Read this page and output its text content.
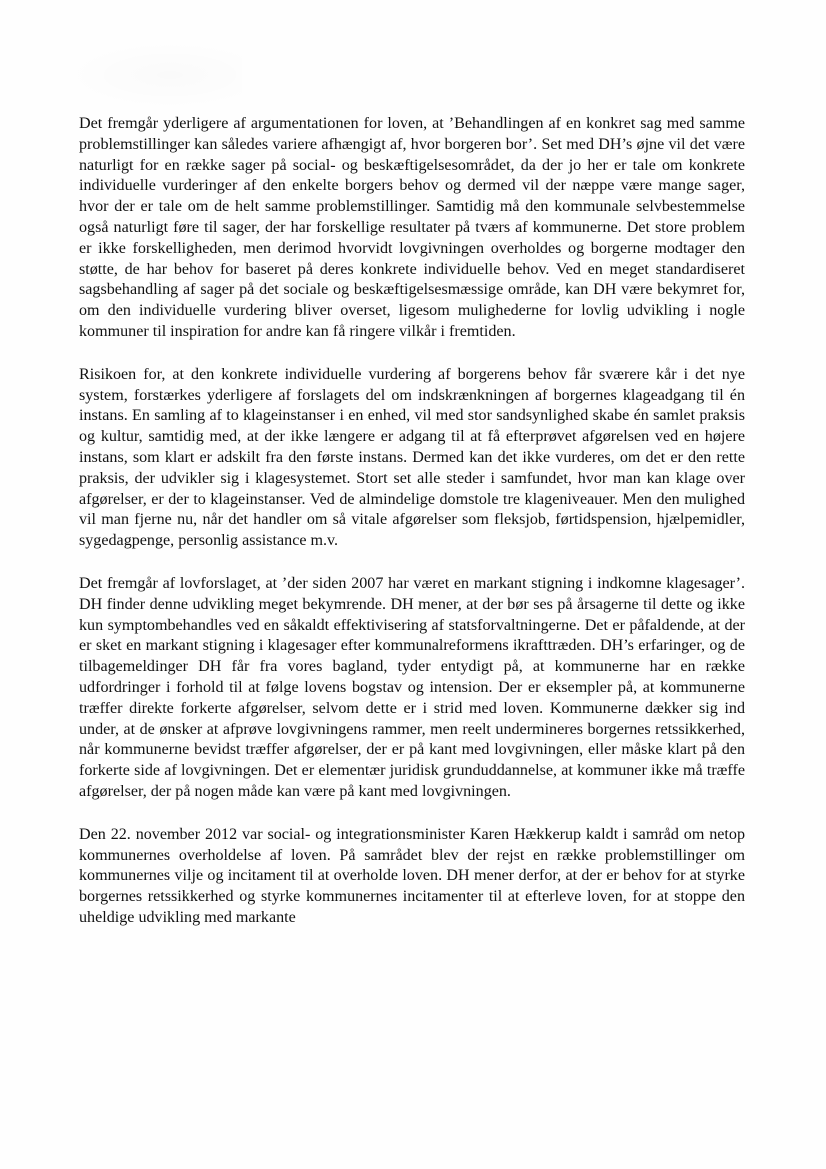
Det fremgår yderligere af argumentationen for loven, at ’Behandlingen af en konkret sag med samme problemstillinger kan således variere afhængigt af, hvor borgeren bor’. Set med DH’s øjne vil det være naturligt for en række sager på social- og beskæftigelsesområdet, da der jo her er tale om konkrete individuelle vurderinger af den enkelte borgers behov og dermed vil der næppe være mange sager, hvor der er tale om de helt samme problemstillinger. Samtidig må den kommunale selvbestemmelse også naturligt føre til sager, der har forskellige resultater på tværs af kommunerne. Det store problem er ikke forskelligheden, men derimod hvorvidt lovgivningen overholdes og borgerne modtager den støtte, de har behov for baseret på deres konkrete individuelle behov. Ved en meget standardiseret sagsbehandling af sager på det sociale og beskæftigelsesmæssige område, kan DH være bekymret for, om den individuelle vurdering bliver overset, ligesom mulighederne for lovlig udvikling i nogle kommuner til inspiration for andre kan få ringere vilkår i fremtiden.

Risikoen for, at den konkrete individuelle vurdering af borgerens behov får sværere kår i det nye system, forstærkes yderligere af forslagets del om indskrænkningen af borgernes klageadgang til én instans. En samling af to klageinstanser i en enhed, vil med stor sandsynlighed skabe én samlet praksis og kultur, samtidig med, at der ikke længere er adgang til at få efterprøvet afgørelsen ved en højere instans, som klart er adskilt fra den første instans. Dermed kan det ikke vurderes, om det er den rette praksis, der udvikler sig i klagesystemet. Stort set alle steder i samfundet, hvor man kan klage over afgørelser, er der to klageinstanser. Ved de almindelige domstole tre klageniveauer. Men den mulighed vil man fjerne nu, når det handler om så vitale afgørelser som fleksjob, førtidspension, hjælpemidler, sygedagpenge, personlig assistance m.v.

Det fremgår af lovforslaget, at ’der siden 2007 har været en markant stigning i indkomne klagesager’. DH finder denne udvikling meget bekymrende. DH mener, at der bør ses på årsagerne til dette og ikke kun symptombehandles ved en såkaldt effektivisering af statsforvaltningerne. Det er påfaldende, at der er sket en markant stigning i klagesager efter kommunalreformens ikrafttræden. DH’s erfaringer, og de tilbagemeldinger DH får fra vores bagland, tyder entydigt på, at kommunerne har en række udfordringer i forhold til at følge lovens bogstav og intension. Der er eksempler på, at kommunerne træffer direkte forkerte afgørelser, selvom dette er i strid med loven. Kommunerne dækker sig ind under, at de ønsker at afprøve lovgivningens rammer, men reelt undermineres borgernes retssikkerhed, når kommunerne bevidst træffer afgørelser, der er på kant med lovgivningen, eller måske klart på den forkerte side af lovgivningen. Det er elementær juridisk grunduddannelse, at kommuner ikke må træffe afgørelser, der på nogen måde kan være på kant med lovgivningen.

Den 22. november 2012 var social- og integrationsminister Karen Hækkerup kaldt i samråd om netop kommunernes overholdelse af loven. På samrådet blev der rejst en række problemstillinger om kommunernes vilje og incitament til at overholde loven. DH mener derfor, at der er behov for at styrke borgernes retssikkerhed og styrke kommunernes incitamenter til at efterleve loven, for at stoppe den uheldige udvikling med markante
